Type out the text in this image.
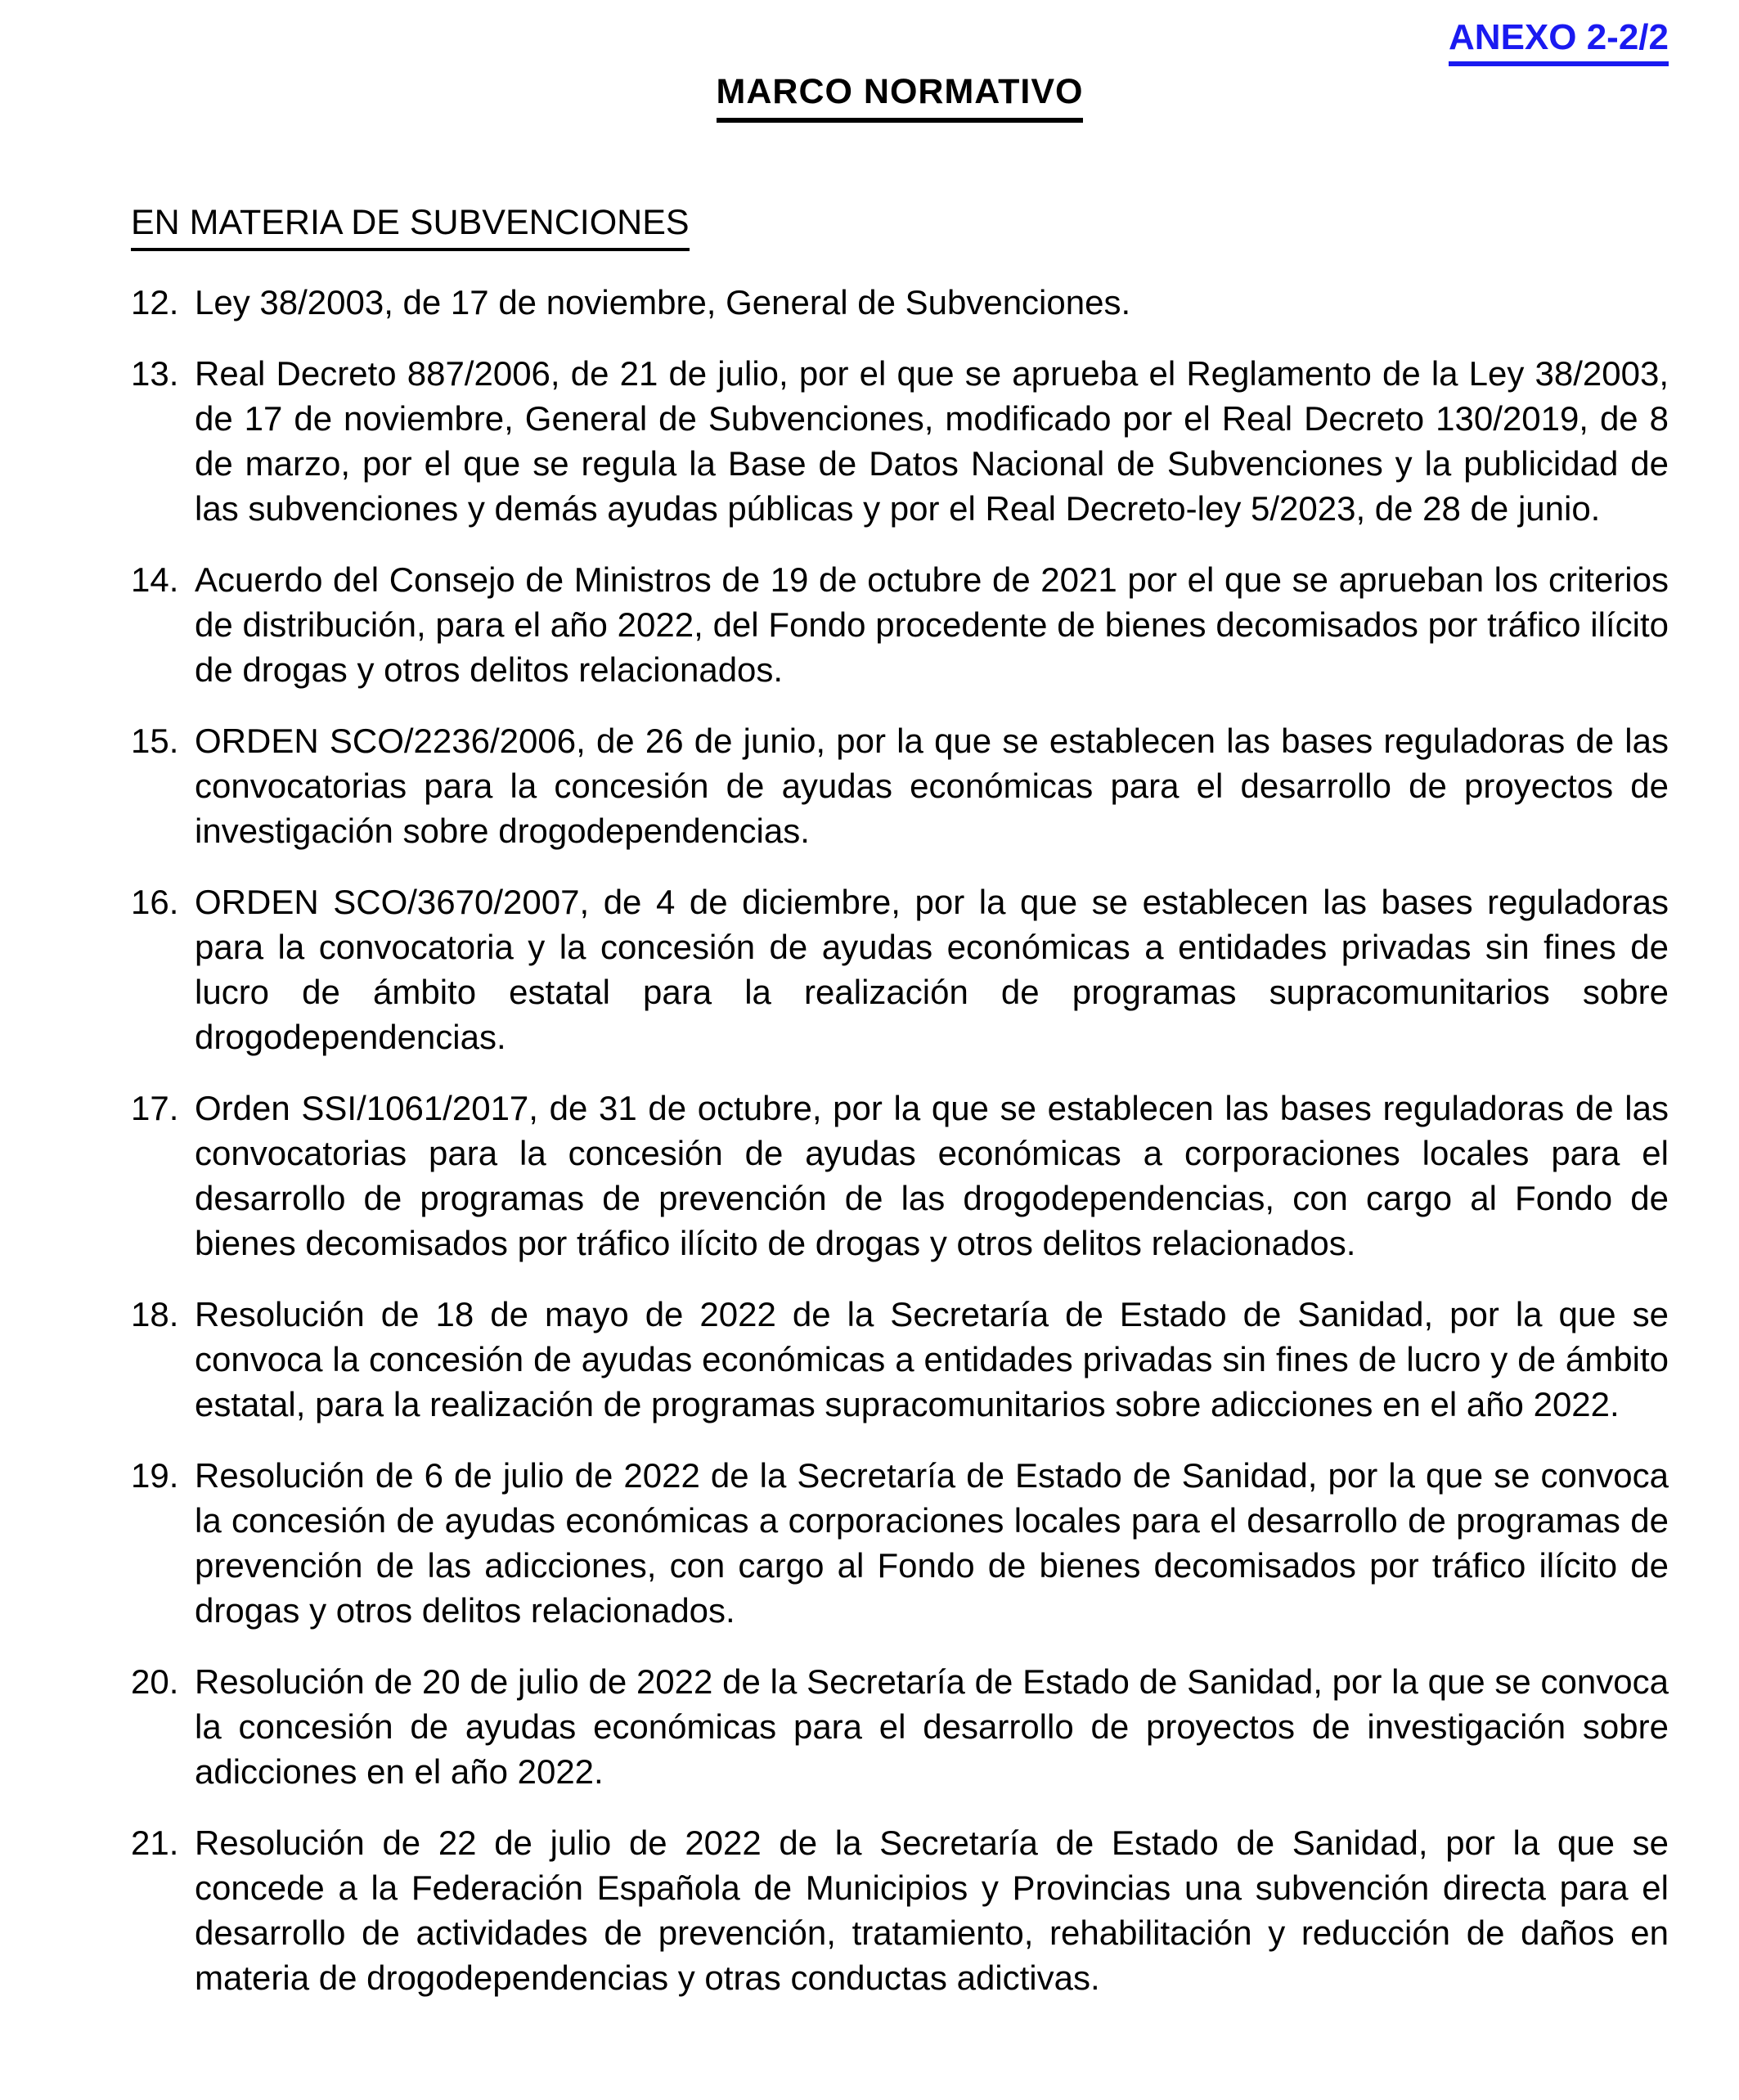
ANEXO 2-2/2
MARCO NORMATIVO
EN MATERIA DE SUBVENCIONES
12. Ley 38/2003, de 17 de noviembre, General de Subvenciones.
13. Real Decreto 887/2006, de 21 de julio, por el que se aprueba el Reglamento de la Ley 38/2003, de 17 de noviembre, General de Subvenciones, modificado por el Real Decreto 130/2019, de 8 de marzo, por el que se regula la Base de Datos Nacional de Subvenciones y la publicidad de las subvenciones y demás ayudas públicas y por el Real Decreto-ley 5/2023, de 28 de junio.
14. Acuerdo del Consejo de Ministros de 19 de octubre de 2021 por el que se aprueban los criterios de distribución, para el año 2022, del Fondo procedente de bienes decomisados por tráfico ilícito de drogas y otros delitos relacionados.
15. ORDEN SCO/2236/2006, de 26 de junio, por la que se establecen las bases reguladoras de las convocatorias para la concesión de ayudas económicas para el desarrollo de proyectos de investigación sobre drogodependencias.
16. ORDEN SCO/3670/2007, de 4 de diciembre, por la que se establecen las bases reguladoras para la convocatoria y la concesión de ayudas económicas a entidades privadas sin fines de lucro de ámbito estatal para la realización de programas supracomunitarios sobre drogodependencias.
17. Orden SSI/1061/2017, de 31 de octubre, por la que se establecen las bases reguladoras de las convocatorias para la concesión de ayudas económicas a corporaciones locales para el desarrollo de programas de prevención de las drogodependencias, con cargo al Fondo de bienes decomisados por tráfico ilícito de drogas y otros delitos relacionados.
18. Resolución de 18 de mayo de 2022 de la Secretaría de Estado de Sanidad, por la que se convoca la concesión de ayudas económicas a entidades privadas sin fines de lucro y de ámbito estatal, para la realización de programas supracomunitarios sobre adicciones en el año 2022.
19. Resolución de 6 de julio de 2022 de la Secretaría de Estado de Sanidad, por la que se convoca la concesión de ayudas económicas a corporaciones locales para el desarrollo de programas de prevención de las adicciones, con cargo al Fondo de bienes decomisados por tráfico ilícito de drogas y otros delitos relacionados.
20. Resolución de 20 de julio de 2022 de la Secretaría de Estado de Sanidad, por la que se convoca la concesión de ayudas económicas para el desarrollo de proyectos de investigación sobre adicciones en el año 2022.
21. Resolución de 22 de julio de 2022 de la Secretaría de Estado de Sanidad, por la que se concede a la Federación Española de Municipios y Provincias una subvención directa para el desarrollo de actividades de prevención, tratamiento, rehabilitación y reducción de daños en materia de drogodependencias y otras conductas adictivas.
